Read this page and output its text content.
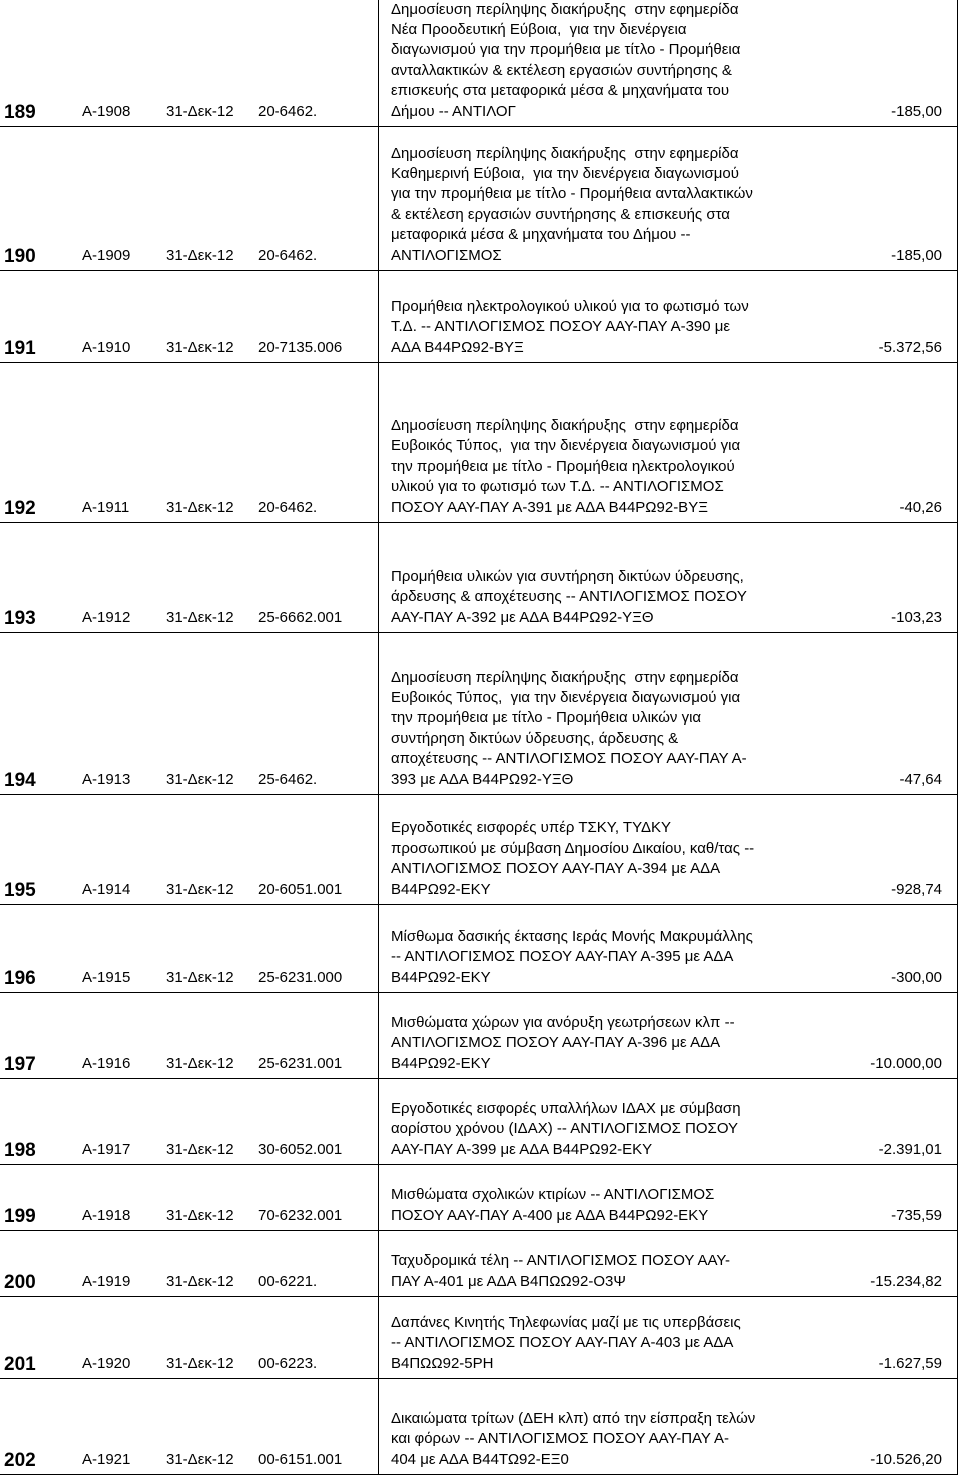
189	Α-1908 31-Δεκ-12 20-6462.
Δημοσίευση περίληψης διακήρυξης  στην εφημερίδα
Νέα Προοδευτική Εύβοια,  για την διενέργεια
διαγωνισμού για την προμήθεια με τίτλο - Προμήθεια
ανταλλακτικών & εκτέλεση εργασιών συντήρησης &
επισκευής στα μεταφορικά μέσα & μηχανήματα του
Δήμου -- ΑΝΤΙΛΟΓ	-185,00
190	Α-1909 31-Δεκ-12 20-6462.
Δημοσίευση περίληψης διακήρυξης  στην εφημερίδα
Καθημερινή Εύβοια,  για την διενέργεια διαγωνισμού
για την προμήθεια με τίτλο - Προμήθεια ανταλλακτικών
& εκτέλεση εργασιών συντήρησης & επισκευής στα
μεταφορικά μέσα & μηχανήματα του Δήμου --
ΑΝΤΙΛΟΓΙΣΜΟΣ	-185,00
191	Α-1910 31-Δεκ-12 20-7135.006
Προμήθεια ηλεκτρολογικού υλικού για το φωτισμό των
Τ.Δ. -- ΑΝΤΙΛΟΓΙΣΜΟΣ ΠΟΣΟΥ ΑΑΥ-ΠΑΥ Α-390 με
ΑΔΑ Β44ΡΩ92-ΒΥΞ	-5.372,56
192	Α-1911 31-Δεκ-12 20-6462.
Δημοσίευση περίληψης διακήρυξης  στην εφημερίδα
Ευβοικός Τύπος,  για την διενέργεια διαγωνισμού για
την προμήθεια με τίτλο - Προμήθεια ηλεκτρολογικού
υλικού για το φωτισμό των Τ.Δ. -- ΑΝΤΙΛΟΓΙΣΜΟΣ
ΠΟΣΟΥ ΑΑΥ-ΠΑΥ Α-391 με ΑΔΑ Β44ΡΩ92-ΒΥΞ	-40,26
193	Α-1912 31-Δεκ-12 25-6662.001
Προμήθεια υλικών για συντήρηση δικτύων ύδρευσης,
άρδευσης & αποχέτευσης -- ΑΝΤΙΛΟΓΙΣΜΟΣ ΠΟΣΟΥ
ΑΑΥ-ΠΑΥ Α-392 με ΑΔΑ Β44ΡΩ92-ΥΞΘ	-103,23
194	Α-1913 31-Δεκ-12 25-6462.
Δημοσίευση περίληψης διακήρυξης  στην εφημερίδα
Ευβοικός Τύπος,  για την διενέργεια διαγωνισμού για
την προμήθεια με τίτλο - Προμήθεια υλικών για
συντήρηση δικτύων ύδρευσης, άρδευσης &
αποχέτευσης -- ΑΝΤΙΛΟΓΙΣΜΟΣ ΠΟΣΟΥ ΑΑΥ-ΠΑΥ Α-
393 με ΑΔΑ Β44ΡΩ92-ΥΞΘ	-47,64
195	Α-1914 31-Δεκ-12 20-6051.001
Εργοδοτικές εισφορές υπέρ ΤΣΚΥ, ΤΥΔΚΥ
προσωπικού με σύμβαση Δημοσίου Δικαίου, καθ/τας --
ΑΝΤΙΛΟΓΙΣΜΟΣ ΠΟΣΟΥ ΑΑΥ-ΠΑΥ Α-394 με ΑΔΑ
Β44ΡΩ92-ΕΚΥ	-928,74
196	Α-1915 31-Δεκ-12 25-6231.000
Μίσθωμα δασικής έκτασης Ιεράς Μονής Μακρυμάλλης
-- ΑΝΤΙΛΟΓΙΣΜΟΣ ΠΟΣΟΥ ΑΑΥ-ΠΑΥ Α-395 με ΑΔΑ
Β44ΡΩ92-ΕΚΥ	-300,00
197	Α-1916 31-Δεκ-12 25-6231.001
Μισθώματα χώρων για ανόρυξη γεωτρήσεων κλπ --
ΑΝΤΙΛΟΓΙΣΜΟΣ ΠΟΣΟΥ ΑΑΥ-ΠΑΥ Α-396 με ΑΔΑ
Β44ΡΩ92-ΕΚΥ	-10.000,00
198	Α-1917 31-Δεκ-12 30-6052.001
Εργοδοτικές εισφορές υπαλλήλων ΙΔΑΧ με σύμβαση
αορίστου χρόνου (ΙΔΑΧ) -- ΑΝΤΙΛΟΓΙΣΜΟΣ ΠΟΣΟΥ
ΑΑΥ-ΠΑΥ Α-399 με ΑΔΑ Β44ΡΩ92-ΕΚΥ	-2.391,01
199	Α-1918 31-Δεκ-12 70-6232.001
Μισθώματα σχολικών κτιρίων -- ΑΝΤΙΛΟΓΙΣΜΟΣ
ΠΟΣΟΥ ΑΑΥ-ΠΑΥ Α-400 με ΑΔΑ Β44ΡΩ92-ΕΚΥ	-735,59
200	Α-1919 31-Δεκ-12 00-6221.
Ταχυδρομικά τέλη -- ΑΝΤΙΛΟΓΙΣΜΟΣ ΠΟΣΟΥ ΑΑΥ-
ΠΑΥ Α-401 με ΑΔΑ Β4ΠΩΩ92-Ο3Ψ	-15.234,82
201	Α-1920 31-Δεκ-12 00-6223.
Δαπάνες Κινητής Τηλεφωνίας μαζί με τις υπερβάσεις
-- ΑΝΤΙΛΟΓΙΣΜΟΣ ΠΟΣΟΥ ΑΑΥ-ΠΑΥ Α-403 με ΑΔΑ
Β4ΠΩΩ92-5ΡΗ	-1.627,59
202	Α-1921 31-Δεκ-12 00-6151.001
Δικαιώματα τρίτων (ΔΕΗ κλπ) από την είσπραξη τελών
και φόρων -- ΑΝΤΙΛΟΓΙΣΜΟΣ ΠΟΣΟΥ ΑΑΥ-ΠΑΥ Α-
404 με ΑΔΑ Β44ΤΩ92-ΕΞ0	-10.526,20
